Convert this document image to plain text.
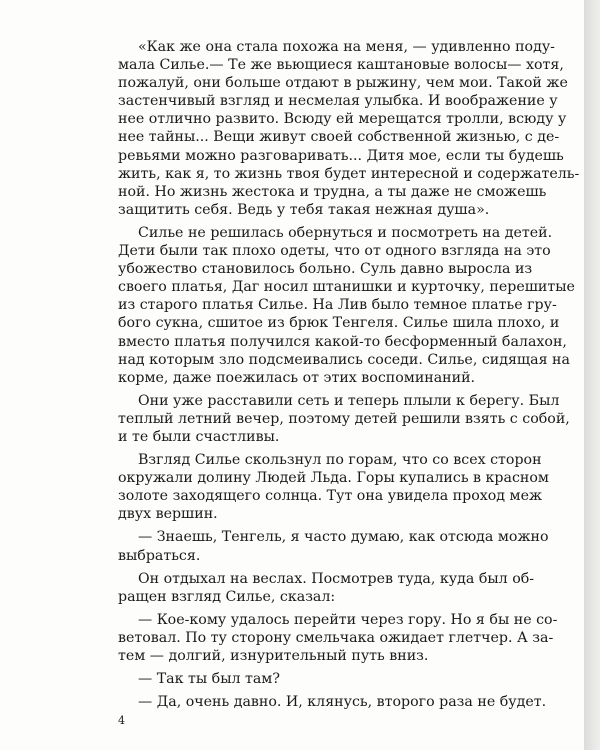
«Как же она стала похожа на меня, — удивленно поду-
мала Силье.— Те же вьющиеся каштановые волосы— хотя,
пожалуй, они больше отдают в рыжину, чем мои. Такой же
застенчивый взгляд и несмелая улыбка. И воображение у
нее отлично развито. Всюду ей мерещатся тролли, всюду у
нее тайны... Вещи живут своей собственной жизнью, с де-
ревьями можно разговаривать... Дитя мое, если ты будешь
жить, как я, то жизнь твоя будет интересной и содержатель-
ной. Но жизнь жестока и трудна, а ты даже не сможешь
защитить себя. Ведь у тебя такая нежная душа».

Силье не решилась обернуться и посмотреть на детей.
Дети были так плохо одеты, что от одного взгляда на это
убожество становилось больно. Суль давно выросла из
своего платья, Даг носил штанишки и курточку, перешитые
из старого платья Силье. На Лив было темное платье гру-
бого сукна, сшитое из брюк Тенгеля. Силье шила плохо, и
вместо платья получился какой-то бесформенный балахон,
над которым зло подсмеивались соседи. Силье, сидящая на
корме, даже поежилась от этих воспоминаний.

Они уже расставили сеть и теперь плыли к берегу. Был
теплый летний вечер, поэтому детей решили взять с собой,
и те были счастливы.

Взгляд Силье скользнул по горам, что со всех сторон
окружали долину Людей Льда. Горы купались в красном
золоте заходящего солнца. Тут она увидела проход меж
двух вершин.

— Знаешь, Тенгель, я часто думаю, как отсюда можно
выбраться.

Он отдыхал на веслах. Посмотрев туда, куда был об-
ращен взгляд Силье, сказал:

— Кое-кому удалось перейти через гору. Но я бы не со-
ветовал. По ту сторону смельчака ожидает глетчер. А за-
тем — долгий, изнурительный путь вниз.

— Так ты был там?

— Да, очень давно. И, клянусь, второго раза не будет.

4
